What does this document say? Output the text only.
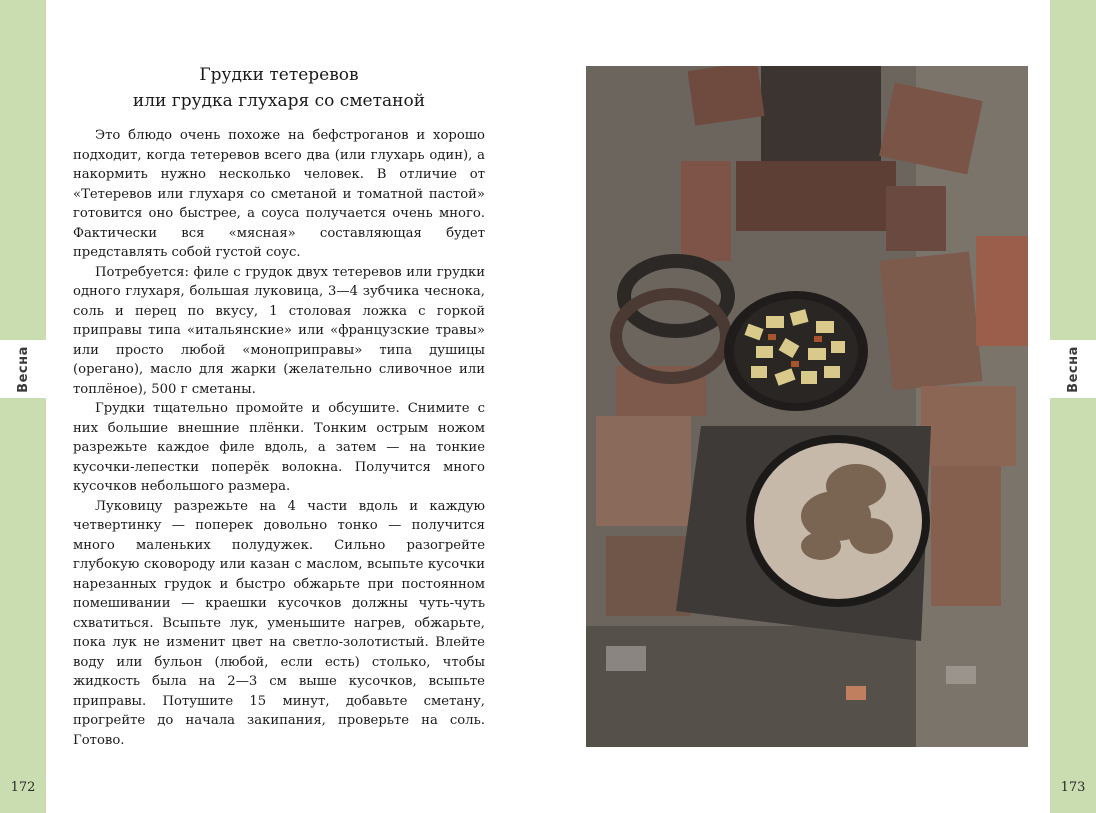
Весна	Весна
172	173
Грудки тетеревов
или грудка глухаря со сметаной

Это блюдо очень похоже на бефстроганов и хорошо подходит, когда тетеревов всего два (или глухарь один), а накормить нужно несколько человек. В отличие от «Тетеревов или глухаря со сметаной и томатной пастой» готовится оно быстрее, а соуса получается очень много. Фактически вся «мясная» составляющая будет представлять собой густой соус.

Потребуется: филе с грудок двух тетеревов или грудки одного глухаря, большая луковица, 3—4 зубчика чеснока, соль и перец по вкусу, 1 столовая ложка с горкой приправы типа «итальянские» или «французские травы» или просто любой «моноприправы» типа душицы (орегано), масло для жарки (желательно сливочное или топлёное), 500 г сметаны.

Грудки тщательно промойте и обсушите. Снимите с них большие внешние плёнки. Тонким острым ножом разрежьте каждое филе вдоль, а затем — на тонкие кусочки-лепестки поперёк волокна. Получится много кусочков небольшого размера.

Луковицу разрежьте на 4 части вдоль и каждую четвертинку — поперек довольно тонко — получится много маленьких полудужек. Сильно разогрейте глубокую сковороду или казан с маслом, всыпьте кусочки нарезанных грудок и быстро обжарьте при постоянном помешивании — краешки кусочков должны чуть-чуть схватиться. Всыпьте лук, уменьшите нагрев, обжарьте, пока лук не изменит цвет на светло-золотистый. Влейте воду или бульон (любой, если есть) столько, чтобы жидкость была на 2—3 см выше кусочков, всыпьте приправы. Потушите 15 минут, добавьте сметану, прогрейте до начала закипания, проверьте на соль. Готово.
